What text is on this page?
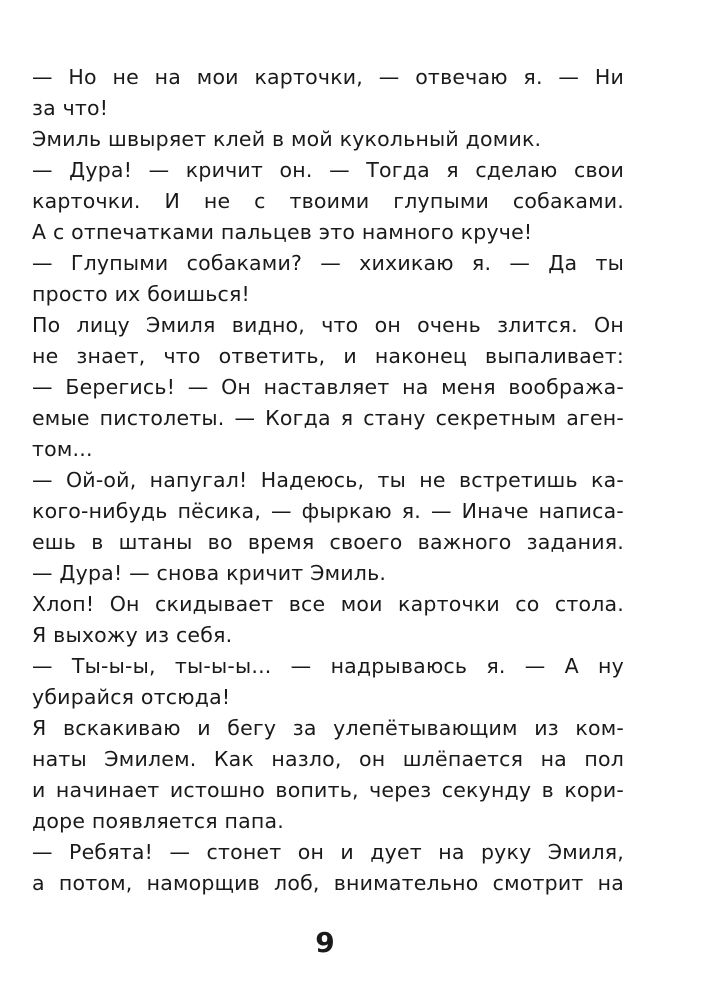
— Но не на мои карточки, — отвечаю я. — Ни
за что!
Эмиль швыряет клей в мой кукольный домик.
— Дура! — кричит он. — Тогда я сделаю свои
карточки. И не с твоими глупыми собаками.
А с отпечатками пальцев это намного круче!
— Глупыми собаками? — хихикаю я. — Да ты
просто их боишься!
По лицу Эмиля видно, что он очень злится. Он
не знает, что ответить, и наконец выпаливает:
— Берегись! — Он наставляет на меня вообража-
емые пистолеты. — Когда я стану секретным аген-
том...
— Ой-ой, напугал! Надеюсь, ты не встретишь ка-
кого-нибудь пёсика, — фыркаю я. — Иначе написа-
ешь в штаны во время своего важного задания.
— Дура! — снова кричит Эмиль.
Хлоп! Он скидывает все мои карточки со стола.
Я выхожу из себя.
— Ты-ы-ы, ты-ы-ы... — надрываюсь я. — А ну
убирайся отсюда!
Я вскакиваю и бегу за улепётывающим из ком-
наты Эмилем. Как назло, он шлёпается на пол
и начинает истошно вопить, через секунду в кори-
доре появляется папа.
— Ребята! — стонет он и дует на руку Эмиля,
а потом, наморщив лоб, внимательно смотрит на
9
